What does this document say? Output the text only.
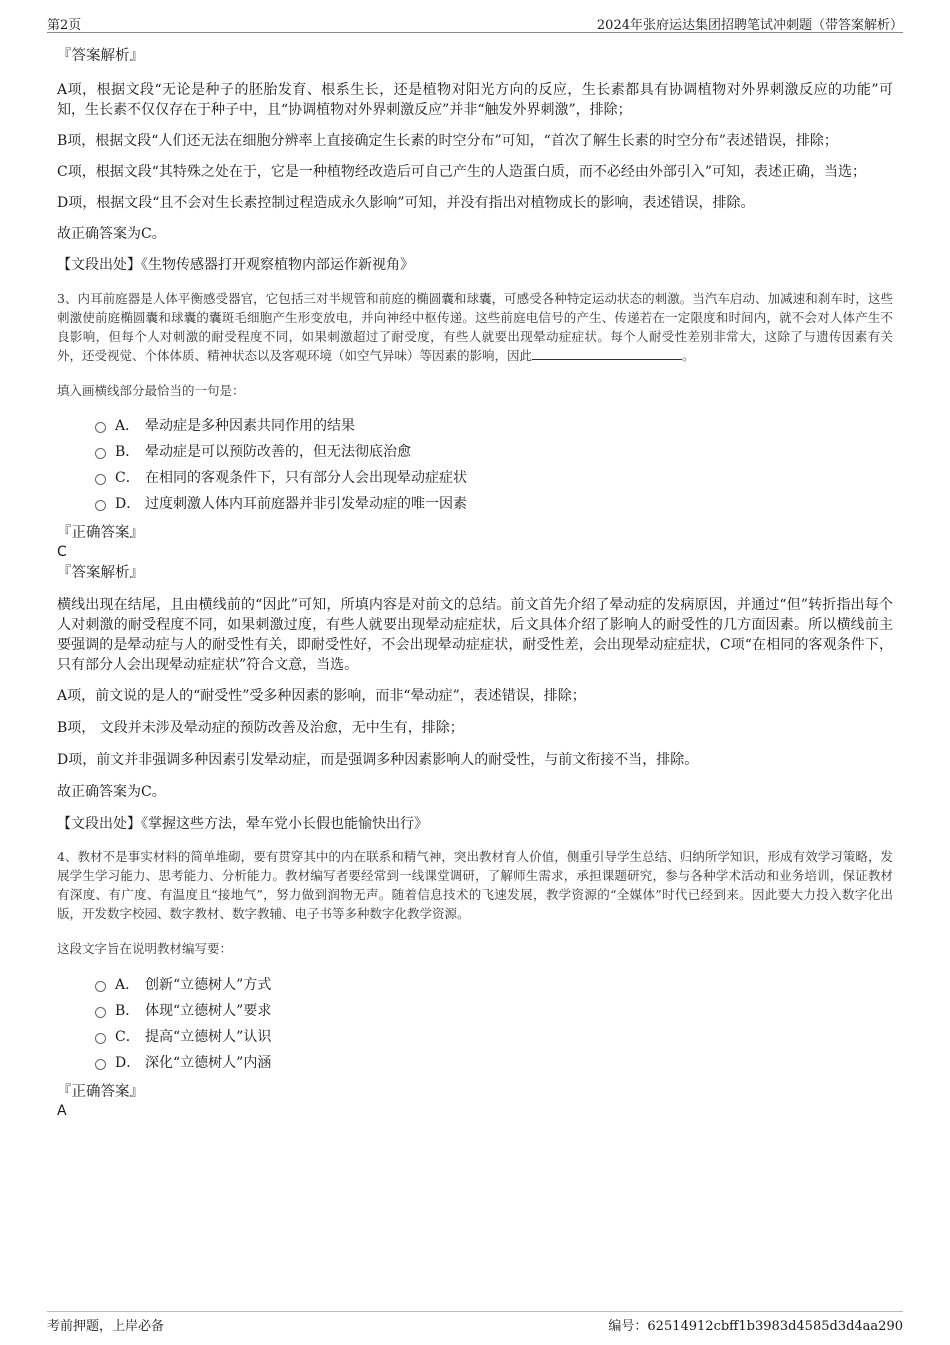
第2页	2024年张府运达集团招聘笔试冲刺题（带答案解析）

『答案解析』

A项，根据文段“无论是种子的胚胎发育、根系生长，还是植物对阳光方向的反应，生长素都具有协调植物对外界刺激反应的功能”可知，生长素不仅仅存在于种子中，且“协调植物对外界刺激反应”并非“触发外界刺激”，排除；

B项，根据文段“人们还无法在细胞分辨率上直接确定生长素的时空分布”可知，“首次了解生长素的时空分布”表述错误，排除；

C项，根据文段“其特殊之处在于，它是一种植物经改造后可自己产生的人造蛋白质，而不必经由外部引入”可知，表述正确，当选；

D项，根据文段“且不会对生长素控制过程造成永久影响”可知，并没有指出对植物成长的影响，表述错误，排除。

故正确答案为C。

【文段出处】《生物传感器打开观察植物内部运作新视角》

3、内耳前庭器是人体平衡感受器官，它包括三对半规管和前庭的椭圆囊和球囊，可感受各种特定运动状态的刺激。当汽车启动、加减速和刹车时，这些刺激使前庭椭圆囊和球囊的囊斑毛细胞产生形变放电，并向神经中枢传递。这些前庭电信号的产生、传递若在一定限度和时间内，就不会对人体产生不良影响，但每个人对刺激的耐受程度不同，如果刺激超过了耐受度，有些人就要出现晕动症症状。每个人耐受性差别非常大，这除了与遗传因素有关外，还受视觉、个体体质、精神状态以及客观环境（如空气异味）等因素的影响，因此	。

填入画横线部分最恰当的一句是：

A． 晕动症是多种因素共同作用的结果
B． 晕动症是可以预防改善的，但无法彻底治愈
C． 在相同的客观条件下，只有部分人会出现晕动症症状
D． 过度刺激人体内耳前庭器并非引发晕动症的唯一因素

『正确答案』

C

『答案解析』

横线出现在结尾，且由横线前的“因此”可知，所填内容是对前文的总结。前文首先介绍了晕动症的发病原因，并通过“但”转折指出每个人对刺激的耐受程度不同，如果刺激过度，有些人就要出现晕动症症状，后文具体介绍了影响人的耐受性的几方面因素。所以横线前主要强调的是晕动症与人的耐受性有关，即耐受性好，不会出现晕动症症状，耐受性差，会出现晕动症症状，C项“在相同的客观条件下，只有部分人会出现晕动症症状”符合文意，当选。

A项，前文说的是人的“耐受性”受多种因素的影响，而非“晕动症”，表述错误，排除；

B项， 文段并未涉及晕动症的预防改善及治愈，无中生有，排除；

D项，前文并非强调多种因素引发晕动症，而是强调多种因素影响人的耐受性，与前文衔接不当，排除。

故正确答案为C。

【文段出处】《掌握这些方法，晕车党小长假也能愉快出行》

4、教材不是事实材料的简单堆砌，要有贯穿其中的内在联系和精气神，突出教材育人价值，侧重引导学生总结、归纳所学知识，形成有效学习策略，发展学生学习能力、思考能力、分析能力。教材编写者要经常到一线课堂调研，了解师生需求，承担课题研究，参与各种学术活动和业务培训，保证教材有深度、有广度、有温度且“接地气”，努力做到润物无声。随着信息技术的飞速发展，教学资源的“全媒体”时代已经到来。因此要大力投入数字化出版，开发数字校园、数字教材、数字教辅、电子书等多种数字化教学资源。

这段文字旨在说明教材编写要：

A． 创新“立德树人”方式
B． 体现“立德树人”要求
C． 提高“立德树人”认识
D． 深化“立德树人”内涵

『正确答案』

A

考前押题，上岸必备	编号：62514912cbff1b3983d4585d3d4aa290
